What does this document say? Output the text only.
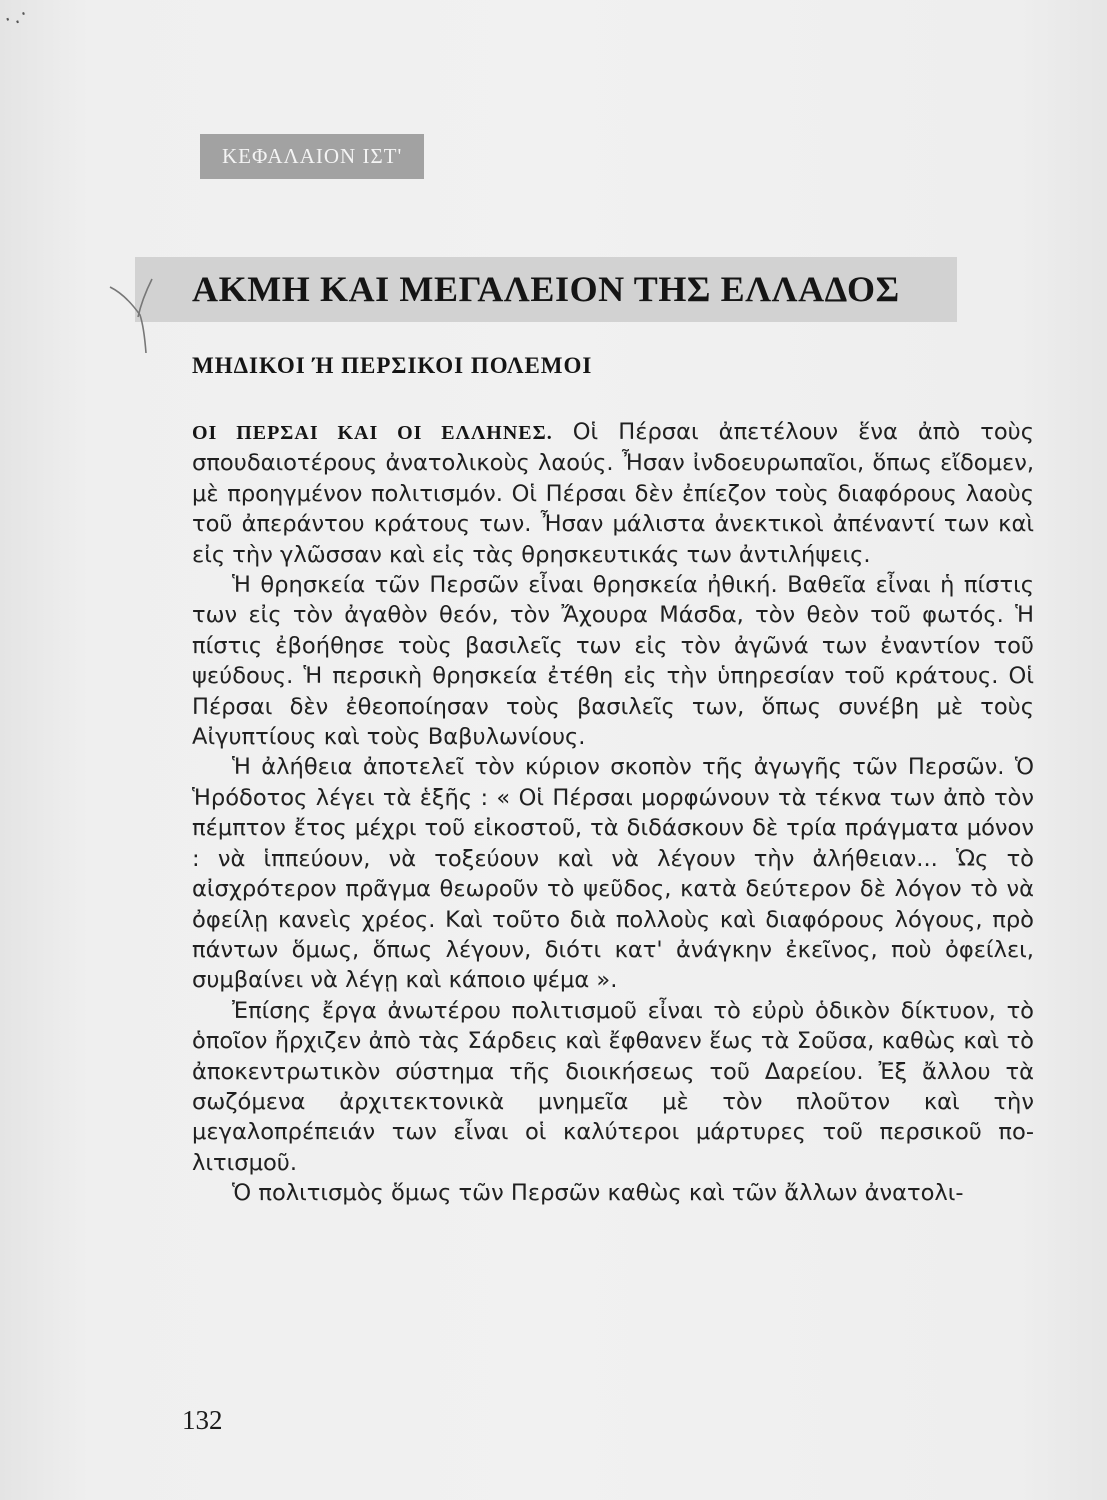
·.·
ΚΕΦΑΛΑΙΟΝ ΙΣΤ'
ΑΚΜΗ ΚΑΙ ΜΕΓΑΛΕΙΟΝ ΤΗΣ ΕΛΛΑΔΟΣ
ΜΗΔΙΚΟΙ Ή ΠΕΡΣΙΚΟΙ ΠΟΛΕΜΟΙ

ΟΙ ΠΕΡΣΑΙ ΚΑΙ ΟΙ ΕΛΛΗΝΕΣ. Οἱ Πέρσαι ἀπετέλουν ἕνα ἀπὸ τοὺς σπουδαιοτέρους ἀνατολικοὺς λαούς. Ἦσαν ἰνδοευρωπαῖοι, ὅπως εἴδομεν, μὲ προηγμένον πολιτισμόν. Οἱ Πέρσαι δὲν ἐπίεζον τοὺς διαφόρους λαοὺς τοῦ ἀπεράντου κράτους των. Ἦσαν μάλιστα ἀνεκτικοὶ ἀπέναντί των καὶ εἰς τὴν γλῶσσαν καὶ εἰς τὰς θρησκευτικάς των ἀντιλήψεις.

Ἡ θρησκεία τῶν Περσῶν εἶναι θρησκεία ἠθική. Βαθεῖα εἶναι ἡ πίστις των εἰς τὸν ἀγαθὸν θεόν, τὸν Ἄχουρα Μάσδα, τὸν θεὸν τοῦ φωτός. Ἡ πίστις ἐβοήθησε τοὺς βασιλεῖς των εἰς τὸν ἀγῶνά των ἐναντίον τοῦ ψεύδους. Ἡ περσικὴ θρησκεία ἐτέθη εἰς τὴν ὑπηρεσίαν τοῦ κράτους. Οἱ Πέρσαι δὲν ἐθεοποίησαν τοὺς βασιλεῖς των, ὅπως συνέβη μὲ τοὺς Αἰγυπτίους καὶ τοὺς Βαβυλωνίους.

Ἡ ἀλήθεια ἀποτελεῖ τὸν κύριον σκοπὸν τῆς ἀγωγῆς τῶν Περσῶν. Ὁ Ἡρόδοτος λέγει τὰ ἑξῆς : « Οἱ Πέρσαι μορφώνουν τὰ τέκνα των ἀπὸ τὸν πέμπτον ἔτος μέχρι τοῦ εἰκοστοῦ, τὰ διδάσκουν δὲ τρία πράγματα μόνον : νὰ ἱππεύουν, νὰ τοξεύουν καὶ νὰ λέγουν τὴν ἀλήθειαν... Ὡς τὸ αἰσχρότερον πρᾶγμα θεωροῦν τὸ ψεῦδος, κατὰ δεύτερον δὲ λόγον τὸ νὰ ὀφείλῃ κανεὶς χρέος. Καὶ τοῦτο διὰ πολλοὺς καὶ διαφόρους λόγους, πρὸ πάντων ὅμως, ὅπως λέγουν, διότι κατ' ἀνάγκην ἐκεῖνος, ποὺ ὀφείλει, συμβαίνει νὰ λέγῃ καὶ κάποιο ψέμα ».

Ἐπίσης ἔργα ἀνωτέρου πολιτισμοῦ εἶναι τὸ εὐρὺ ὁδικὸν δίκτυον, τὸ ὁποῖον ἤρχιζεν ἀπὸ τὰς Σάρδεις καὶ ἔφθανεν ἕως τὰ Σοῦσα, καθὼς καὶ τὸ ἀποκεντρωτικὸν σύστημα τῆς διοικήσεως τοῦ Δαρείου. Ἐξ ἄλλου τὰ σωζόμενα ἀρχιτεκτονικὰ μνημεῖα μὲ τὸν πλοῦτον καὶ τὴν μεγαλοπρέπειάν των εἶναι οἱ καλύτεροι μάρτυρες τοῦ περσικοῦ πολιτισμοῦ.

Ὁ πολιτισμὸς ὅμως τῶν Περσῶν καθὼς καὶ τῶν ἄλλων ἀνατολι-

132
